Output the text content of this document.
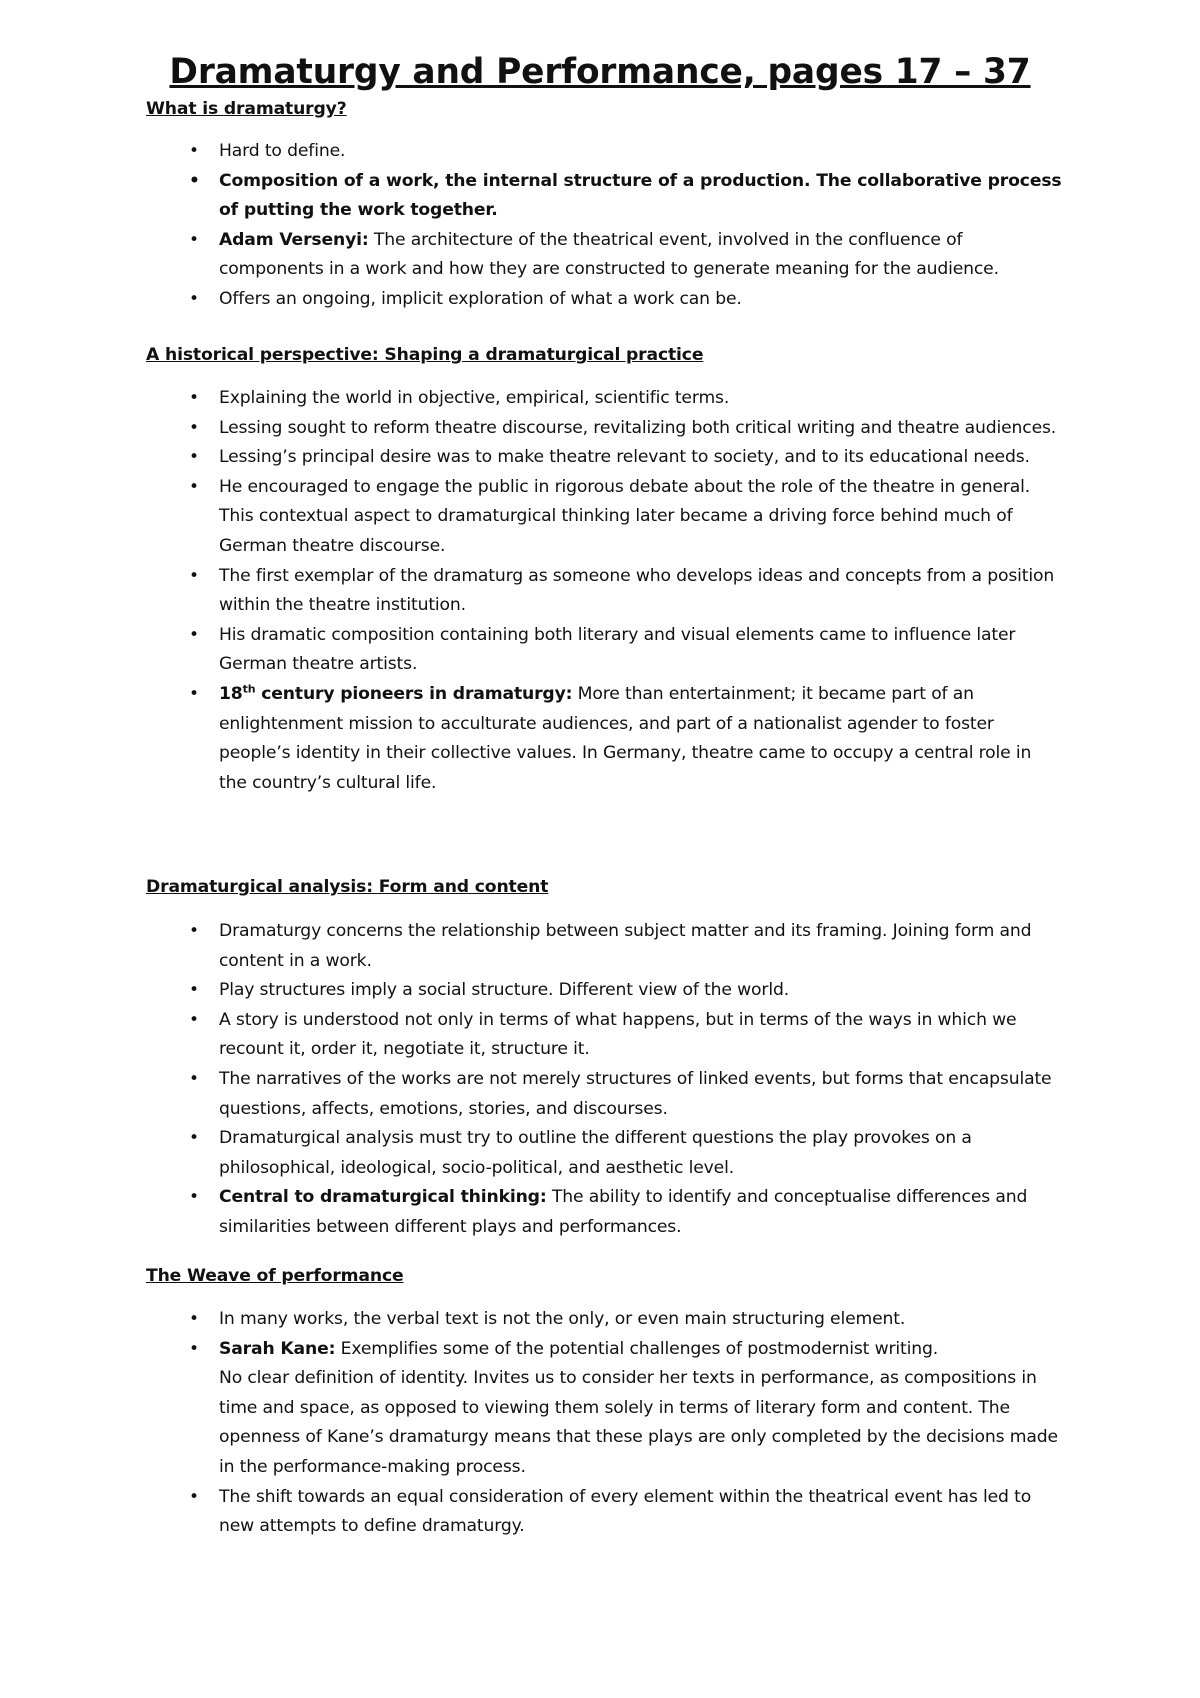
Dramaturgy and Performance, pages 17 – 37
What is dramaturgy?
• Hard to define.
• Composition of a work, the internal structure of a production. The collaborative process of putting the work together.
• Adam Versenyi: The architecture of the theatrical event, involved in the confluence of components in a work and how they are constructed to generate meaning for the audience.
• Offers an ongoing, implicit exploration of what a work can be.
A historical perspective: Shaping a dramaturgical practice
• Explaining the world in objective, empirical, scientific terms.
• Lessing sought to reform theatre discourse, revitalizing both critical writing and theatre audiences.
• Lessing’s principal desire was to make theatre relevant to society, and to its educational needs.
• He encouraged to engage the public in rigorous debate about the role of the theatre in general. This contextual aspect to dramaturgical thinking later became a driving force behind much of German theatre discourse.
• The first exemplar of the dramaturg as someone who develops ideas and concepts from a position within the theatre institution.
• His dramatic composition containing both literary and visual elements came to influence later German theatre artists.
• 18th century pioneers in dramaturgy: More than entertainment; it became part of an enlightenment mission to acculturate audiences, and part of a nationalist agender to foster people’s identity in their collective values. In Germany, theatre came to occupy a central role in the country’s cultural life.
Dramaturgical analysis: Form and content
• Dramaturgy concerns the relationship between subject matter and its framing. Joining form and content in a work.
• Play structures imply a social structure. Different view of the world.
• A story is understood not only in terms of what happens, but in terms of the ways in which we recount it, order it, negotiate it, structure it.
• The narratives of the works are not merely structures of linked events, but forms that encapsulate questions, affects, emotions, stories, and discourses.
• Dramaturgical analysis must try to outline the different questions the play provokes on a philosophical, ideological, socio-political, and aesthetic level.
• Central to dramaturgical thinking: The ability to identify and conceptualise differences and similarities between different plays and performances.
The Weave of performance
• In many works, the verbal text is not the only, or even main structuring element.
• Sarah Kane: Exemplifies some of the potential challenges of postmodernist writing.
No clear definition of identity. Invites us to consider her texts in performance, as compositions in time and space, as opposed to viewing them solely in terms of literary form and content. The openness of Kane’s dramaturgy means that these plays are only completed by the decisions made in the performance-making process.
• The shift towards an equal consideration of every element within the theatrical event has led to new attempts to define dramaturgy.
